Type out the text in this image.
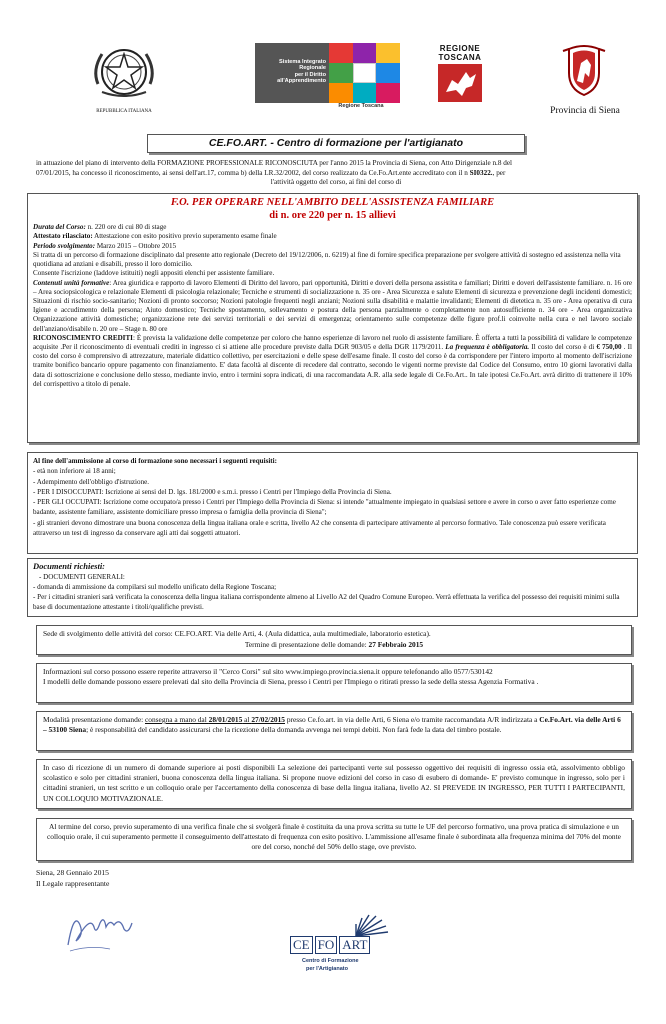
REPUBBLICA ITALIANA
Sistema Integrato
Regionale
per il Diritto
all'Apprendimento
Regione Toscana
REGIONE
TOSCANA
Provincia di Siena
CE.FO.ART. - Centro di formazione per l'artigianato
in attuazione del piano di intervento della FORMAZIONE PROFESSIONALE RICONOSCIUTA per l'anno 2015 la Provincia di Siena, con Atto Dirigenziale n.8 del
07/01/2015, ha concesso il riconoscimento, ai sensi dell'art.17, comma b) della LR.32/2002, del corso realizzato da Ce.Fo.Art.ente accreditato con il n SI0322., per
l'attività oggetto del corso, ai fini del corso di
F.O. PER OPERARE NELL'AMBITO DELL'ASSISTENZA FAMILIARE
di n. ore 220 per n. 15 allievi

Durata del Corso: n. 220 ore di cui 80 di stage

Attestato rilasciato: Attestazione con esito positivo previo superamento esame finale

Periodo svolgimento: Marzo 2015 – Ottobre 2015

Si tratta di un percorso di formazione disciplinato dal presente atto regionale (Decreto del 19/12/2006, n. 6219) al fine di fornire specifica preparazione per svolgere attività di sostegno ed assistenza nella vita quotidiana ad anziani e disabili, presso il loro domicilio.

Consente l'iscrizione (laddove istituiti) negli appositi elenchi per assistente familiare.

Contenuti unità formative: Area giuridica e rapporto di lavoro Elementi di Diritto del lavoro, pari opportunità, Diritti e doveri della persona assistita e familiari; Diritti e doveri dell'assistente familiare. n. 16 ore – Area sociopsicologica e relazionale Elementi di psicologia relazionale; Tecniche e strumenti di socializzazione n. 35 ore - Area Sicurezza e salute Elementi di sicurezza e prevenzione degli incidenti domestici; Situazioni di rischio socio-sanitario; Nozioni di pronto soccorso; Nozioni patologie frequenti negli anziani; Nozioni sulla disabilità e malattie invalidanti; Elementi di dietetica n. 35 ore - Area operativa di cura Igiene e accudimento della persona; Aiuto domestico; Tecniche spostamento, sollevamento e postura della persona parzialmente o completamente non autosufficiente n. 34 ore - Area organizzativa Organizzazione attività domestiche; organizzazione rete dei servizi territoriali e dei servizi di emergenza; orientamento sulle competenze delle figure prof.li coinvolte nella cura e nel lavoro sociale dell'anziano/disabile n. 20 ore – Stage n. 80 ore

RICONOSCIMENTO CREDITI: È prevista la validazione delle competenze per coloro che hanno esperienze di lavoro nel ruolo di assistente familiare. È offerta a tutti la possibilità di validare le competenze acquisite .Per il riconoscimento di eventuali crediti in ingresso ci si attiene alle procedure previste dalla DGR 903/05 e della DGR 1179/2011. La frequenza è obbligatoria. Il costo del corso è di € 750,00 . Il costo del corso è comprensivo di attrezzature, materiale didattico collettivo, per esercitazioni e delle spese dell'esame finale. Il costo del corso è da corrispondere per l'intero importo al momento dell'iscrizione tramite bonifico bancario oppure pagamento con finanziamento. E' data facoltà al discente di recedere dal contratto, secondo le vigenti norme previste dal Codice del Consumo, entro 10 giorni lavorativi dalla data di sottoscrizione e conclusione dello stesso, mediante invio, entro i termini sopra indicati, di una raccomandata A.R. alla sede legale di Ce.Fo.Art.. In tale ipotesi Ce.Fo.Art. avrà diritto di trattenere il 10% del corrispettivo a titolo di penale.

Al fine dell'ammissione al corso di formazione sono necessari i seguenti requisiti:
- età non inferiore ai 18 anni;
- Adempimento dell'obbligo d'istruzione.
- PER I DISOCCUPATI: Iscrizione ai sensi del D. lgs. 181/2000 e s.m.i. presso i Centri per l'Impiego della Provincia di Siena.
- PER GLI OCCUPATI: Iscrizione come occupato/a presso i Centri per l'Impiego della Provincia di Siena: si intende "attualmente impiegato in qualsiasi settore e avere in corso o aver fatto esperienze come badante, assistente familiare, assistente domiciliare presso impresa o famiglia della provincia di Siena";
- gli stranieri devono dimostrare una buona conoscenza della lingua italiana orale e scritta, livello A2 che consenta di partecipare attivamente al percorso formativo. Tale conoscenza può essere verificata attraverso un test di ingresso da conservare agli atti dai soggetti attuatori.
Documenti richiesti:
- DOCUMENTI GENERALI:
- domanda di ammissione da compilarsi sul modello unificato della Regione Toscana;
- Per i cittadini stranieri sarà verificata la conoscenza della lingua italiana corrispondente almeno al Livello A2 del Quadro Comune Europeo. Verrà effettuata la verifica del possesso dei requisiti minimi sulla base di documentazione attestante i titoli/qualifiche previsti.
Sede di svolgimento delle attività del corso: CE.FO.ART. Via delle Arti, 4. (Aula didattica, aula multimediale, laboratorio estetica).
Termine di presentazione delle domande: 27 Febbraio 2015
Informazioni sul corso possono essere reperite attraverso il "Cerco Corsi" sul sito www.impiego.provincia.siena.it oppure telefonando allo 0577/530142
I modelli delle domande possono essere prelevati dal sito della Provincia di Siena, presso i Centri per l'Impiego o ritirati presso la sede della stessa Agenzia Formativa .
Modalità presentazione domande: consegna a mano dal 28/01/2015 al 27/02/2015 presso Ce.fo.art. in via delle Arti, 6 Siena e/o tramite raccomandata A/R indirizzata a Ce.Fo.Art. via delle Arti 6 – 53100 Siena; è responsabilità del candidato assicurarsi che la ricezione della domanda avvenga nei tempi debiti. Non farà fede la data del timbro postale.
In caso di ricezione di un numero di domande superiore ai posti disponibili La selezione dei partecipanti verte sul possesso oggettivo dei requisiti di ingresso ossia età, assolvimento obbligo scolastico e solo per cittadini stranieri, buona conoscenza della lingua italiana. Si propone nuove edizioni del corso in caso di esubero di domande- E' previsto comunque in ingresso, solo per i cittadini stranieri, un test scritto e un colloquio orale per l'accertamento della conoscenza di base della lingua italiana, livello A2. SI PREVEDE IN INGRESSO, PER TUTTI I PARTECIPANTI, UN COLLOQUIO MOTIVAZIONALE.
Al termine del corso, previo superamento di una verifica finale che si svolgerà finale è costituita da una prova scritta su tutte le UF del percorso formativo, una prova pratica di simulazione e un colloquio orale, il cui superamento permette il conseguimento dell'attestato di frequenza con esito positivo. L'ammissione all'esame finale è subordinata alla frequenza minima del 70% del monte ore del corso, nonché del 50% dello stage, ove previsto.
Siena, 28 Gennaio 2015
Il Legale rappresentante
CE FO ART
Centro di Formazione
per l'Artigianato
